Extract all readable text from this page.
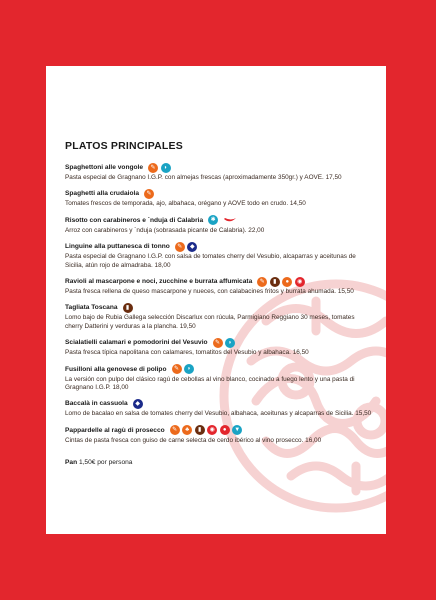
PLATOS PRINCIPALES
Spaghettoni alle vongole	✎	◗
Pasta especial de Gragnano I.G.P. con almejas frescas (aproximadamente 350gr.) y AOVE. 17,50
Spaghetti alla crudaiola	✎
Tomates frescos de temporada, ajo, albahaca, orégano y AOVE todo en crudo. 14,50
Risotto con carabineros e ´nduja di Calabria	✱
Arroz con carabineros y ´nduja (sobrasada picante de Calabria). 22,00
Linguine alla puttanesca di tonno	✎	◆
Pasta especial de Gragnano I.G.P. con salsa de tomates cherry del Vesubio, alcaparras y aceitunas de Sicilia, atún rojo de almadraba. 18,00
Ravioli al mascarpone e noci, zucchine e burrata affumicata	✎	▮	●	◉
Pasta fresca rellena de queso mascarpone y nueces, con calabacines fritos y burrata ahumada. 15,50
Tagliata Toscana	▮
Lomo bajo de Rubia Gallega selección Discarlux con rúcula, Parmigiano Reggiano 30 meses, tomates cherry Datterini y verduras a la plancha. 19,50
Scialatielli calamari e pomodorini del Vesuvio	✎	◗
Pasta fresca típica napolitana con calamares, tomatitos del Vesubio y albahaca. 16,50
Fusilloni alla genovese di polipo	✎	◗
La versión con pulpo del clásico ragú de cebollas al vino blanco, cocinado a fuego lento y una pasta di Gragnano I.G.P. 18,00
Baccalà in cassuola	◆
Lomo de bacalao en salsa de tomates cherry del Vesubio, albahaca, aceitunas y alcaparras de Sicilia. 15,50
Pappardelle al ragù di prosecco	✎	♣	▮	◉	●	▼
Cintas de pasta fresca con guiso de carne selecta de cerdo ibérico al vino prosecco. 16,00
Pan 1,50€ por persona
